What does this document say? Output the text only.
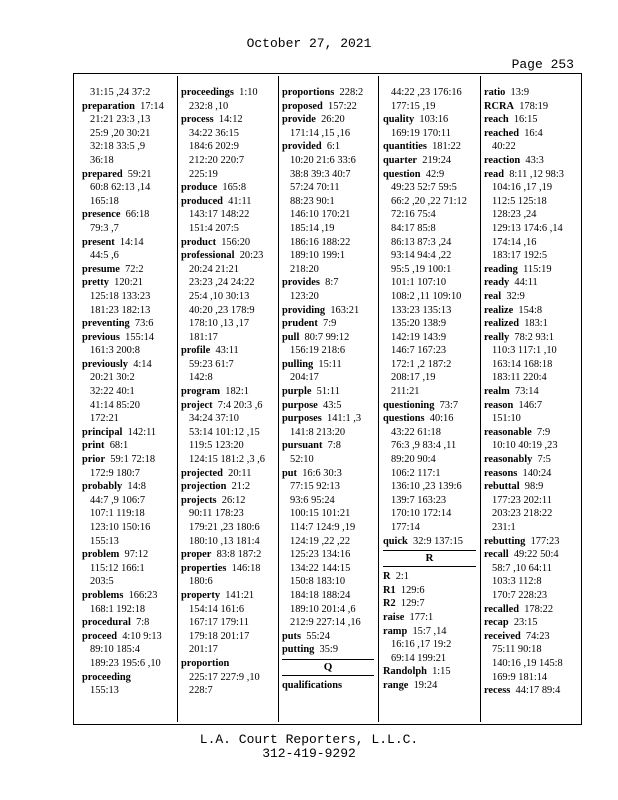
October 27, 2021
Page 253
31:15 ,24 37:2
preparation  17:14
21:21 23:3 ,13
25:9 ,20 30:21
32:18 33:5 ,9
36:18
prepared  59:21
60:8 62:13 ,14
165:18
presence  66:18
79:3 ,7
present  14:14
44:5 ,6
presume  72:2
pretty  120:21
125:18 133:23
181:23 182:13
preventing  73:6
previous  155:14
161:3 200:8
previously  4:14
20:21 30:2
32:22 40:1
41:14 85:20
172:21
principal  142:11
print  68:1
prior  59:1 72:18
172:9 180:7
probably  14:8
44:7 ,9 106:7
107:1 119:18
123:10 150:16
155:13
problem  97:12
115:12 166:1
203:5
problems  166:23
168:1 192:18
procedural  7:8
proceed  4:10 9:13
89:10 185:4
189:23 195:6 ,10
proceeding
155:13
proceedings  1:10
232:8 ,10
process  14:12
34:22 36:15
184:6 202:9
212:20 220:7
225:19
produce  165:8
produced  41:11
143:17 148:22
151:4 207:5
product  156:20
professional  20:23
20:24 21:21
23:23 ,24 24:22
25:4 ,10 30:13
40:20 ,23 178:9
178:10 ,13 ,17
181:17
profile  43:11
59:23 61:7
142:8
program  182:1
project  7:4 20:3 ,6
34:24 37:10
53:14 101:12 ,15
119:5 123:20
124:15 181:2 ,3 ,6
projected  20:11
projection  21:2
projects  26:12
90:11 178:23
179:21 ,23 180:6
180:10 ,13 181:4
proper  83:8 187:2
properties  146:18
180:6
property  141:21
154:14 161:6
167:17 179:11
179:18 201:17
201:17
proportion
225:17 227:9 ,10
228:7
proportions  228:2
proposed  157:22
provide  26:20
171:14 ,15 ,16
provided  6:1
10:20 21:6 33:6
38:8 39:3 40:7
57:24 70:11
88:23 90:1
146:10 170:21
185:14 ,19
186:16 188:22
189:10 199:1
218:20
provides  8:7
123:20
providing  163:21
prudent  7:9
pull  80:7 99:12
156:19 218:6
pulling  15:11
204:17
purple  51:11
purpose  43:5
purposes  141:1 ,3
141:8 213:20
pursuant  7:8
52:10
put  16:6 30:3
77:15 92:13
93:6 95:24
100:15 101:21
114:7 124:9 ,19
124:19 ,22 ,22
125:23 134:16
134:22 144:15
150:8 183:10
184:18 188:24
189:10 201:4 ,6
212:9 227:14 ,16
puts  55:24
putting  35:9
Q
qualifications
44:22 ,23 176:16
177:15 ,19
quality  103:16
169:19 170:11
quantities  181:22
quarter  219:24
question  42:9
49:23 52:7 59:5
66:2 ,20 ,22 71:12
72:16 75:4
84:17 85:8
86:13 87:3 ,24
93:14 94:4 ,22
95:5 ,19 100:1
101:1 107:10
108:2 ,11 109:10
133:23 135:13
135:20 138:9
142:19 143:9
146:7 167:23
172:1 ,2 187:2
208:17 ,19
211:21
questioning  73:7
questions  40:16
43:22 61:18
76:3 ,9 83:4 ,11
89:20 90:4
106:2 117:1
136:10 ,23 139:6
139:7 163:23
170:10 172:14
177:14
quick  32:9 137:15
R
R  2:1
R1  129:6
R2  129:7
raise  177:1
ramp  15:7 ,14
16:16 ,17 19:2
69:14 199:21
Randolph  1:15
range  19:24
ratio  13:9
RCRA  178:19
reach  16:15
reached  16:4
40:22
reaction  43:3
read  8:11 ,12 98:3
104:16 ,17 ,19
112:5 125:18
128:23 ,24
129:13 174:6 ,14
174:14 ,16
183:17 192:5
reading  115:19
ready  44:11
real  32:9
realize  154:8
realized  183:1
really  78:2 93:1
110:3 117:1 ,10
163:14 168:18
183:11 220:4
realm  73:14
reason  146:7
151:10
reasonable  7:9
10:10 40:19 ,23
reasonably  7:5
reasons  140:24
rebuttal  98:9
177:23 202:11
203:23 218:22
231:1
rebutting  177:23
recall  49:22 50:4
58:7 ,10 64:11
103:3 112:8
170:7 228:23
recalled  178:22
recap  23:15
received  74:23
75:11 90:18
140:16 ,19 145:8
169:9 181:14
recess  44:17 89:4
L.A. Court Reporters, L.L.C.
312-419-9292
